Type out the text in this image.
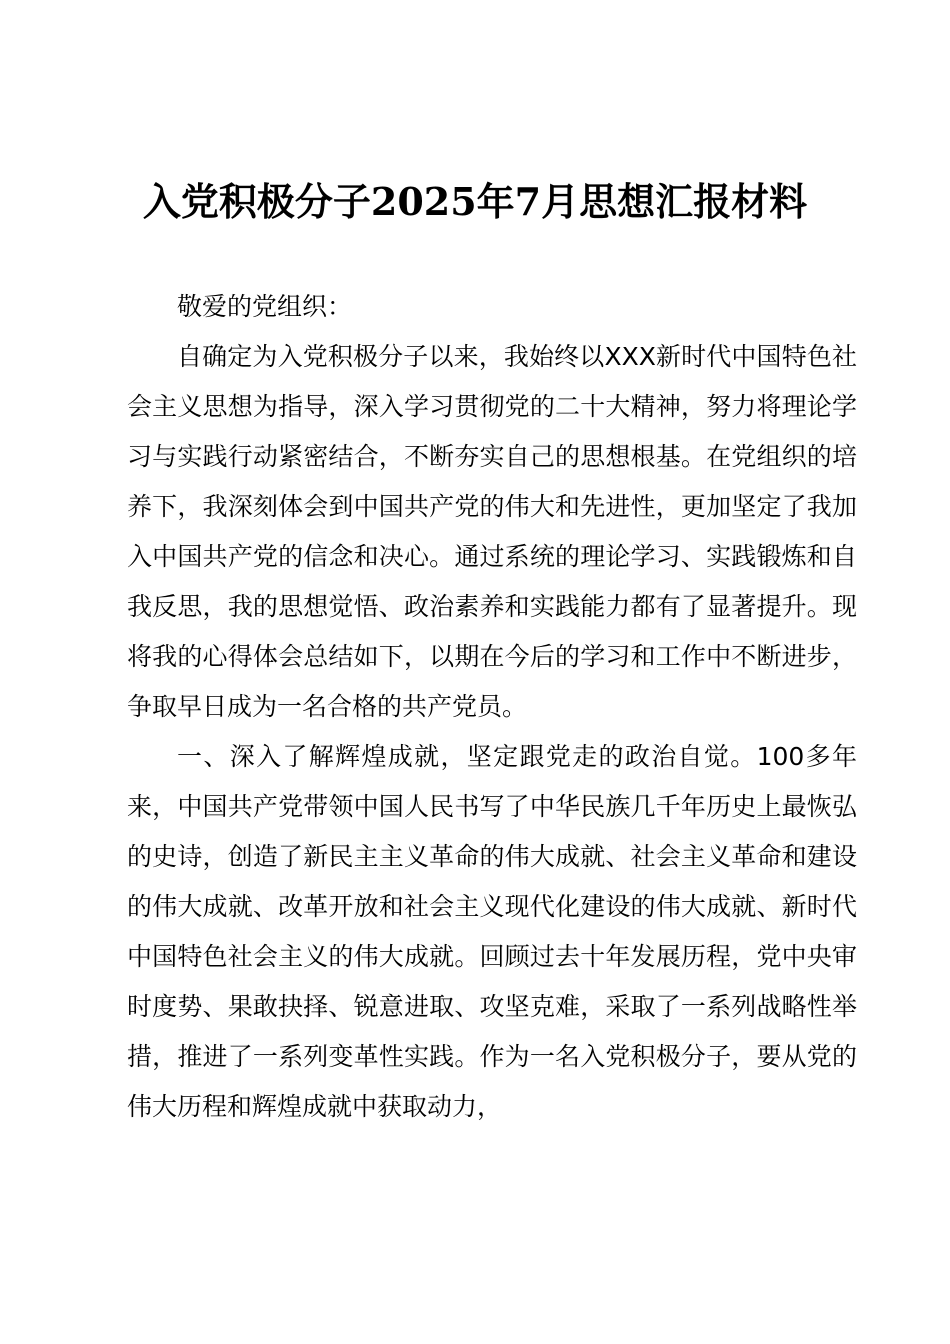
入党积极分子2025年7月思想汇报材料

敬爱的党组织：

自确定为入党积极分子以来，我始终以XXX新时代中国特色社会主义思想为指导，深入学习贯彻党的二十大精神，努力将理论学习与实践行动紧密结合，不断夯实自己的思想根基。在党组织的培养下，我深刻体会到中国共产党的伟大和先进性，更加坚定了我加入中国共产党的信念和决心。通过系统的理论学习、实践锻炼和自我反思，我的思想觉悟、政治素养和实践能力都有了显著提升。现将我的心得体会总结如下，以期在今后的学习和工作中不断进步，争取早日成为一名合格的共产党员。

一、深入了解辉煌成就，坚定跟党走的政治自觉。100多年来，中国共产党带领中国人民书写了中华民族几千年历史上最恢弘的史诗，创造了新民主主义革命的伟大成就、社会主义革命和建设的伟大成就、改革开放和社会主义现代化建设的伟大成就、新时代中国特色社会主义的伟大成就。回顾过去十年发展历程，党中央审时度势、果敢抉择、锐意进取、攻坚克难，采取了一系列战略性举措，推进了一系列变革性实践。作为一名入党积极分子，要从党的伟大历程和辉煌成就中获取动力，
